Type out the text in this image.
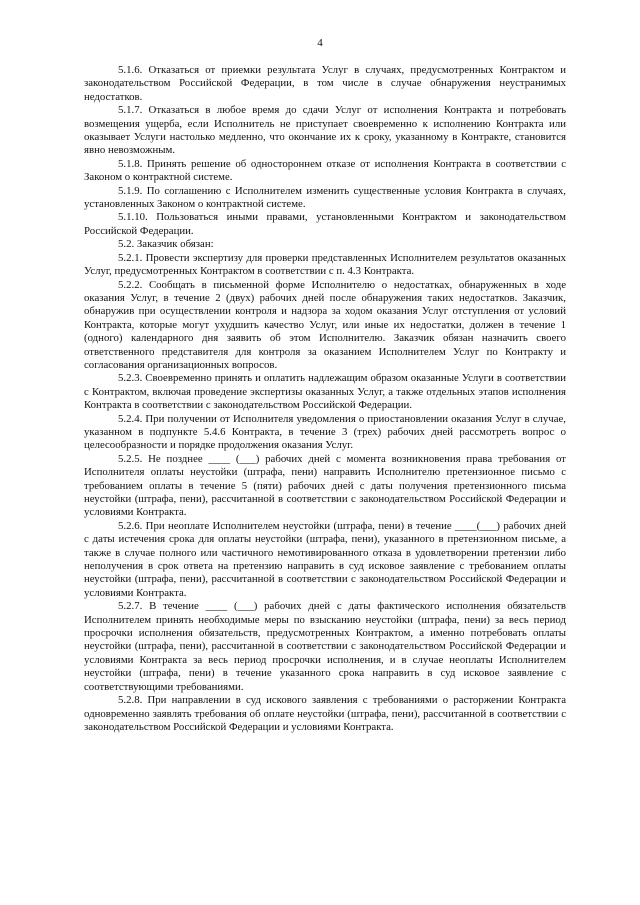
4

5.1.6. Отказаться от приемки результата Услуг в случаях, предусмотренных Контрактом и законодательством Российской Федерации, в том числе в случае обнаружения неустранимых недостатков.

5.1.7. Отказаться в любое время до сдачи Услуг от исполнения Контракта и потребовать возмещения ущерба, если Исполнитель не приступает своевременно к исполнению Контракта или оказывает Услуги настолько медленно, что окончание их к сроку, указанному в Контракте, становится явно невозможным.

5.1.8. Принять решение об одностороннем отказе от исполнения Контракта в соответствии с Законом о контрактной системе.

5.1.9. По соглашению с Исполнителем изменить существенные условия Контракта в случаях, установленных Законом о контрактной системе.

5.1.10. Пользоваться иными правами, установленными Контрактом и законодательством Российской Федерации.

5.2. Заказчик обязан:

5.2.1. Провести экспертизу для проверки представленных Исполнителем результатов оказанных Услуг, предусмотренных Контрактом в соответствии с п. 4.3 Контракта.

5.2.2. Сообщать в письменной форме Исполнителю о недостатках, обнаруженных в ходе оказания Услуг, в течение 2 (двух) рабочих дней после обнаружения таких недостатков. Заказчик, обнаружив при осуществлении контроля и надзора за ходом оказания Услуг отступления от условий Контракта, которые могут ухудшить качество Услуг, или иные их недостатки, должен в течение 1 (одного) календарного дня заявить об этом Исполнителю. Заказчик обязан назначить своего ответственного представителя для контроля за оказанием Исполнителем Услуг по Контракту и согласования организационных вопросов.

5.2.3. Своевременно принять и оплатить надлежащим образом оказанные Услуги в соответствии с Контрактом, включая проведение экспертизы оказанных Услуг, а также отдельных этапов исполнения Контракта в соответствии с законодательством Российской Федерации.

5.2.4. При получении от Исполнителя уведомления о приостановлении оказания Услуг в случае, указанном в подпункте 5.4.6 Контракта, в течение 3 (трех) рабочих дней рассмотреть вопрос о целесообразности и порядке продолжения оказания Услуг.

5.2.5. Не позднее ____ (___) рабочих дней с момента возникновения права требования от Исполнителя оплаты неустойки (штрафа, пени) направить Исполнителю претензионное письмо с требованием оплаты в течение 5 (пяти) рабочих дней с даты получения претензионного письма неустойки (штрафа, пени), рассчитанной в соответствии с законодательством Российской Федерации и условиями Контракта.

5.2.6. При неоплате Исполнителем неустойки (штрафа, пени) в течение ____(___) рабочих дней с даты истечения срока для оплаты неустойки (штрафа, пени), указанного в претензионном письме, а также в случае полного или частичного немотивированного отказа в удовлетворении претензии либо неполучения в срок ответа на претензию направить в суд исковое заявление с требованием оплаты неустойки (штрафа, пени), рассчитанной в соответствии с законодательством Российской Федерации и условиями Контракта.

5.2.7. В течение ____ (___) рабочих дней с даты фактического исполнения обязательств Исполнителем принять необходимые меры по взысканию неустойки (штрафа, пени) за весь период просрочки исполнения обязательств, предусмотренных Контрактом, а именно потребовать оплаты неустойки (штрафа, пени), рассчитанной в соответствии с законодательством Российской Федерации и условиями Контракта за весь период просрочки исполнения, и в случае неоплаты Исполнителем неустойки (штрафа, пени) в течение указанного срока направить в суд исковое заявление с соответствующими требованиями.

5.2.8. При направлении в суд искового заявления с требованиями о расторжении Контракта одновременно заявлять требования об оплате неустойки (штрафа, пени), рассчитанной в соответствии с законодательством Российской Федерации и условиями Контракта.
